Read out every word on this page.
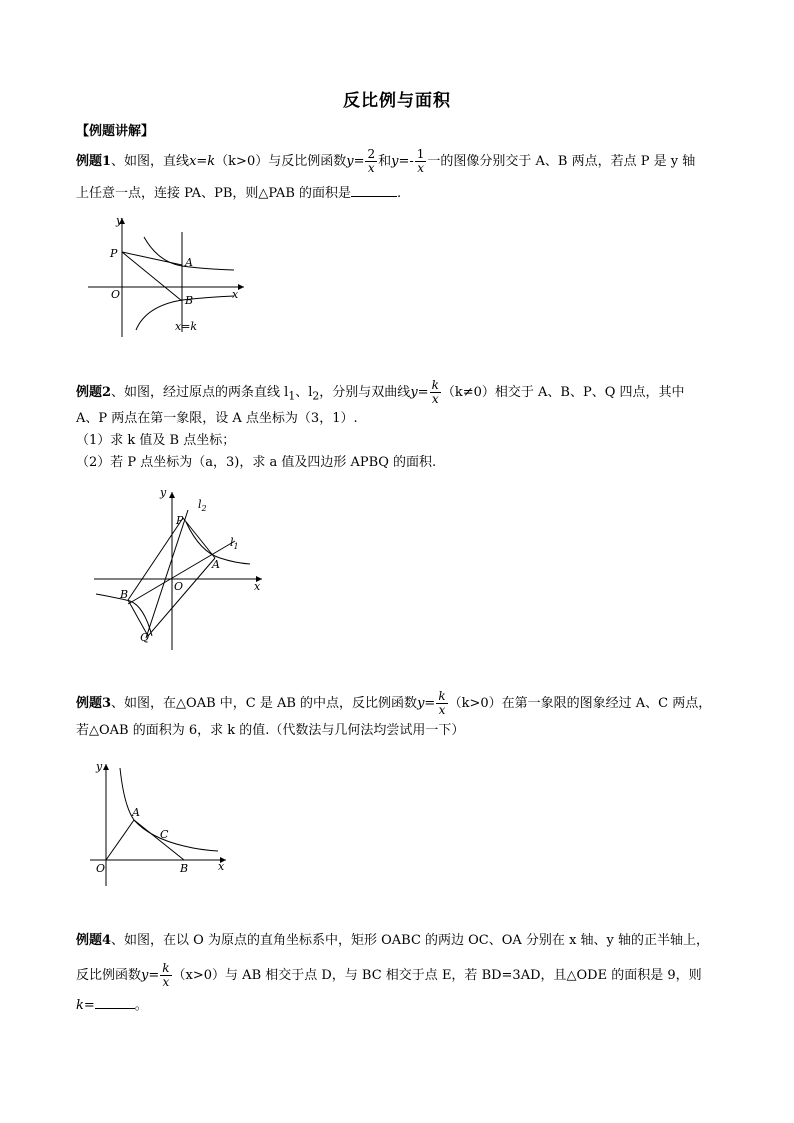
反比例与面积
【例题讲解】
例题1、如图，直线x=k（k>0）与反比例函数$y= \frac{2}{x}$ 和$y=- \frac{1}{x}$ 一的图像分别交于 A、B 两点，若点 P 是 y 轴
上任意一点，连接 PA、PB，则△PAB 的面积是	.
y
x
P
A
O	B
x=k
例题2、如图，经过原点的两条直线 $l_1$、$l_2$，分别与双曲线$y= \frac{k}{x} (k\ne 0)$相交于 A、B、P、Q 四点，其中
A、P 两点在第一象限，设 A 点坐标为（3，1）.
（1）求 k 值及 B 点坐标；
（2）若 P 点坐标为（a，3)，求 a 值及四边形 APBQ 的面积.
y
x
P
A
O
B
Q
$l_2$
$l_1$
例题3、如图，在△OAB 中，C 是 AB 的中点，反比例函数$y= \frac{k}{x} (k>0)$在第一象限的图象经过 A、C 两点，
若△OAB 的面积为 6，求 k 的值.（代数法与几何法均尝试用一下）
y
x
A
C
O	B
例题4、如图，在以 O 为原点的直角坐标系中，矩形 OABC 的两边 OC、OA 分别在 x 轴、y 轴的正半轴上，
反比例函数$y= \frac{k}{x} (x>0)$与 AB 相交于点 D，与 BC 相交于点 E，若 BD=3AD，且△ODE 的面积是 9，则
k=	。
